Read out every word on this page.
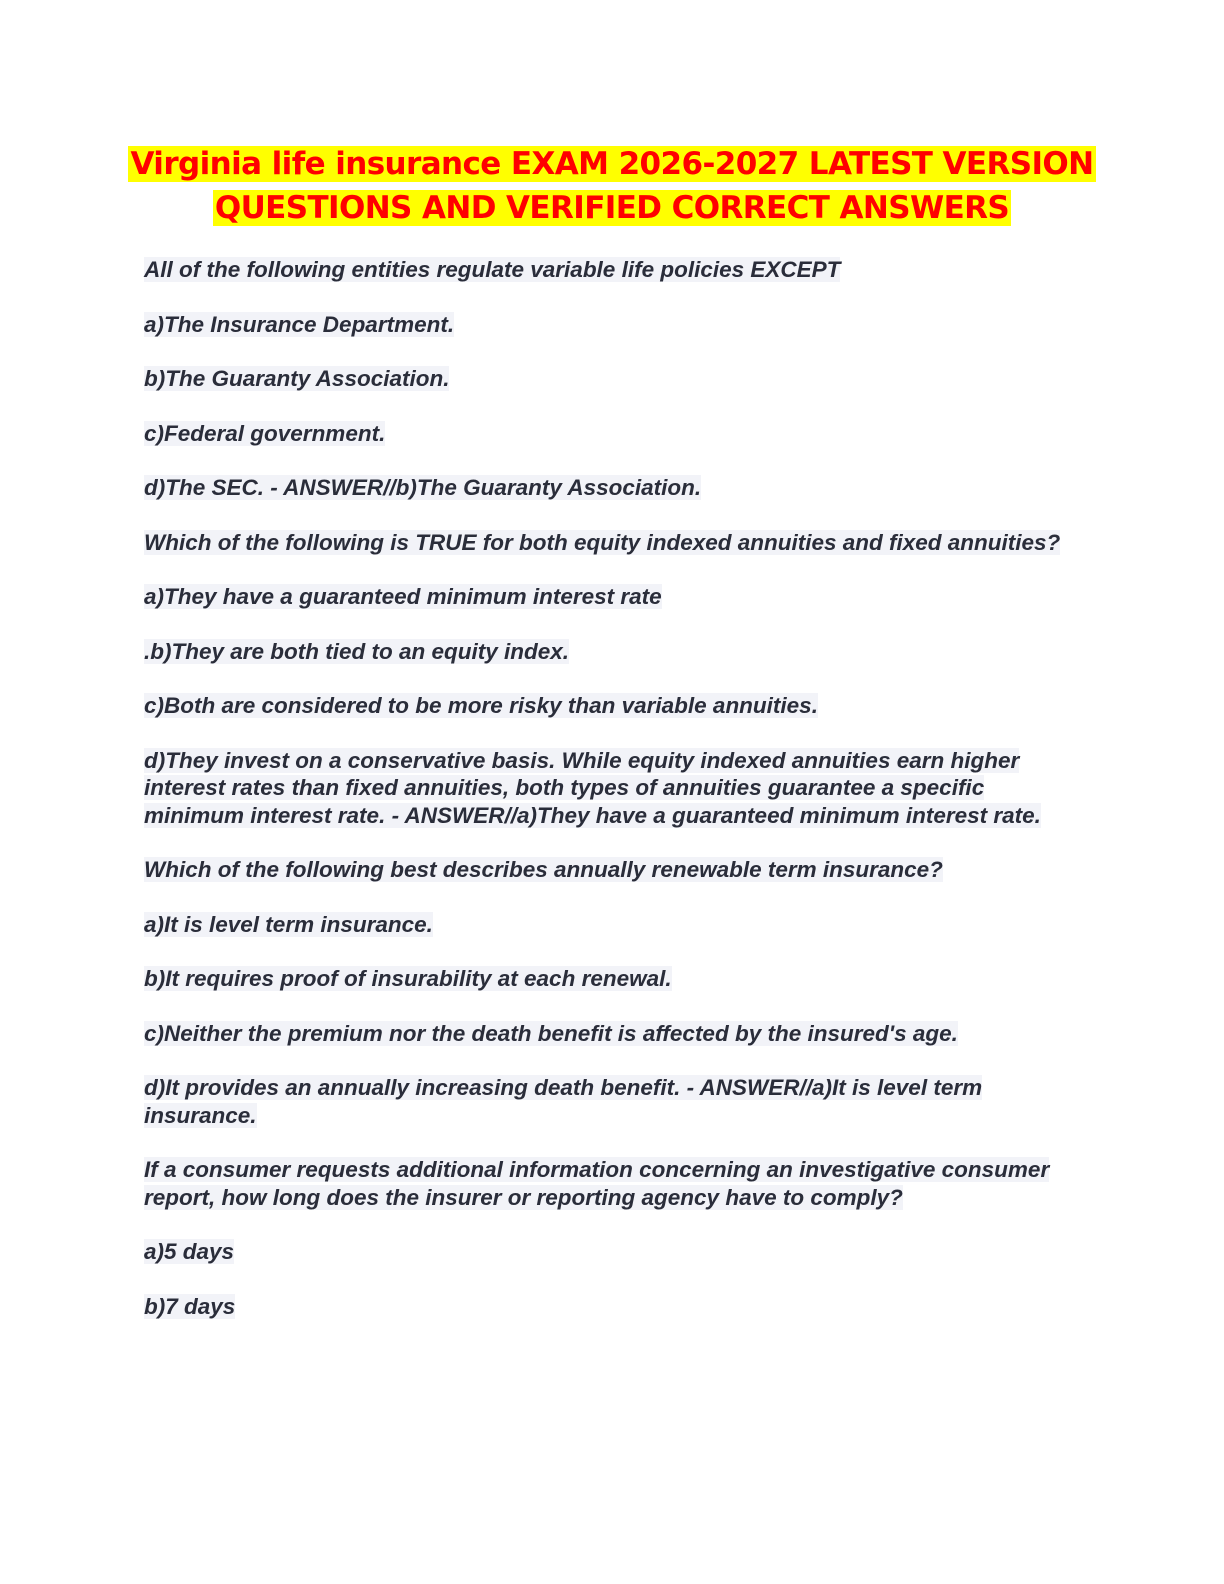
Virginia life insurance EXAM 2026-2027 LATEST VERSION
QUESTIONS AND VERIFIED CORRECT ANSWERS

All of the following entities regulate variable life policies EXCEPT

a)The Insurance Department.

b)The Guaranty Association.

c)Federal government.

d)The SEC. - ANSWER//b)The Guaranty Association.

Which of the following is TRUE for both equity indexed annuities and fixed annuities?

a)They have a guaranteed minimum interest rate

.b)They are both tied to an equity index.

c)Both are considered to be more risky than variable annuities.

d)They invest on a conservative basis. While equity indexed annuities earn higher interest rates than fixed annuities, both types of annuities guarantee a specific minimum interest rate. - ANSWER//a)They have a guaranteed minimum interest rate.

Which of the following best describes annually renewable term insurance?

a)It is level term insurance.

b)It requires proof of insurability at each renewal.

c)Neither the premium nor the death benefit is affected by the insured's age.

d)It provides an annually increasing death benefit. - ANSWER//a)It is level term insurance.

If a consumer requests additional information concerning an investigative consumer report, how long does the insurer or reporting agency have to comply?

a)5 days

b)7 days
